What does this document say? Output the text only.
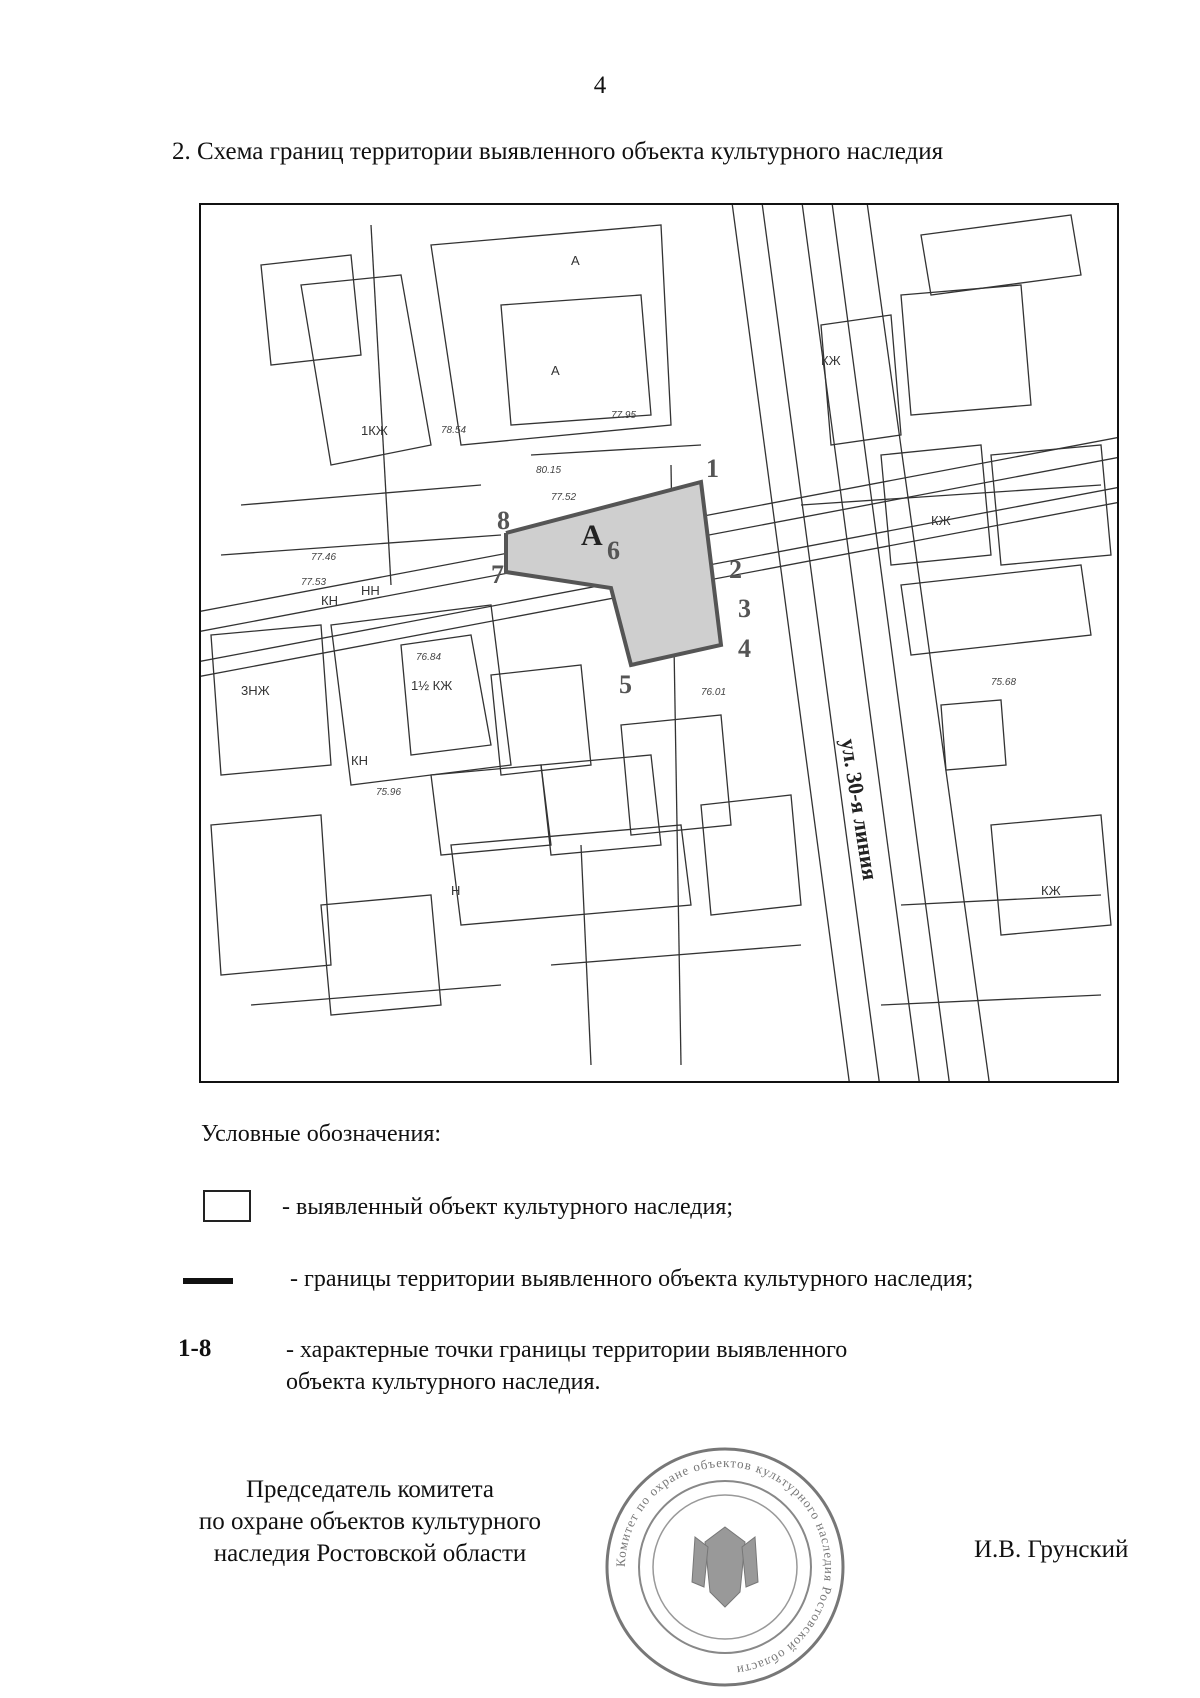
4
2. Схема границ территории выявленного объекта культурного наследия
1
2
3
4
5
6
7
8 А
ул. 30-я линия
А
А
1КЖ
3НЖ	1½ КЖ
КЖ
КН
НН
КЖ
КЖ
Н
КН
77.95
77.52
76.01
75.68
76.84
77.46
77.53
75.96
78.54
80.15
Условные обозначения:
- выявленный объект культурного наследия;
- границы территории выявленного объекта культурного наследия;
1-8	- характерные точки границы территории выявленного
объекта культурного наследия.
Председатель комитета
по охране объектов культурного
наследия Ростовской области	Комитет по охране объектов культурного наследия Ростовской области
И.В. Грунский
